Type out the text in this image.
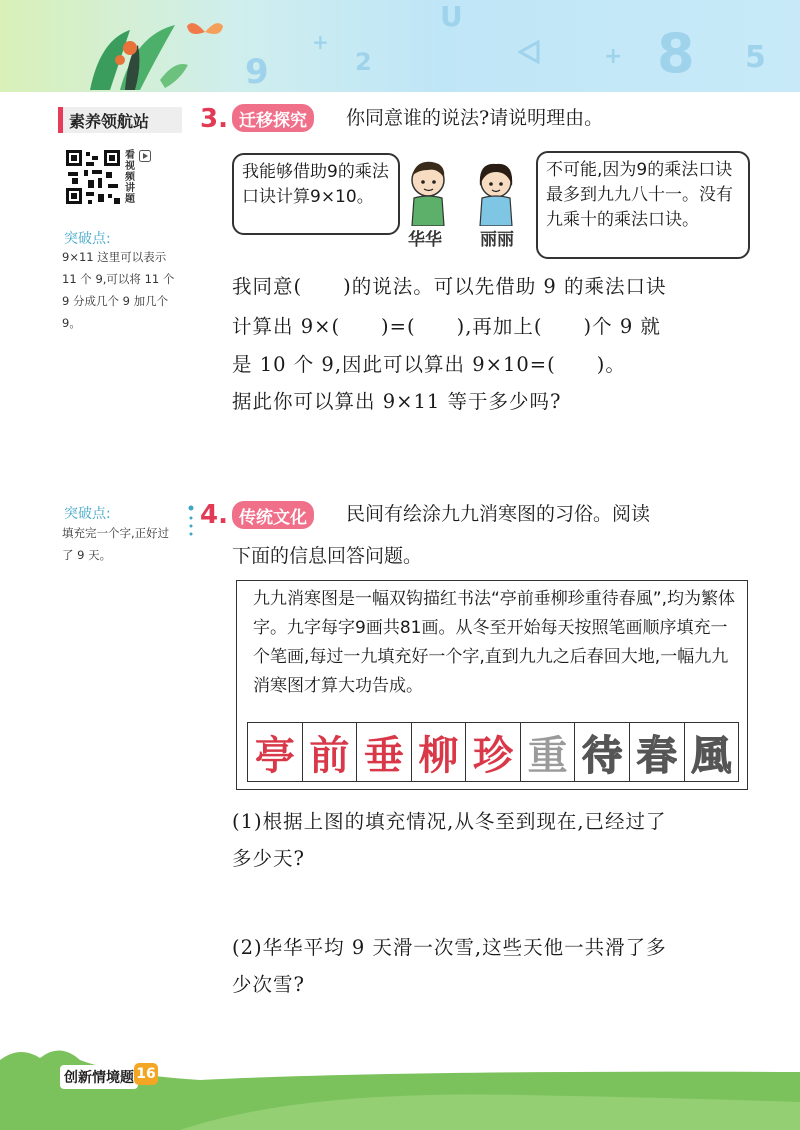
9	2
+	8 5
U
+
素养领航站
看视频讲题
突破点:
9×11 这里可以表示 11 个 9,可以将 11 个 9 分成几个 9 加几个 9。
突破点:
填充完一个字,正好过了 9 天。
3. 迁移探究	你同意谁的说法?请说明理由。
我能够借助9的乘法口诀计算9×10。
华华 丽丽
不可能,因为9的乘法口诀最多到九九八十一。没有九乘十的乘法口诀。
我同意(　　)的说法。可以先借助 9 的乘法口诀
计算出 9×(　　)=(　　),再加上(　　)个 9 就
是 10 个 9,因此可以算出 9×10=(　　)。
据此你可以算出 9×11 等于多少吗?
4. 传统文化	民间有绘涂九九消寒图的习俗。阅读
下面的信息回答问题。
九九消寒图是一幅双钩描红书法“亭前垂柳珍重待春風”,均为繁体字。九字每字9画共81画。从冬至开始每天按照笔画顺序填充一个笔画,每过一九填充好一个字,直到九九之后春回大地,一幅九九消寒图才算大功告成。
亭 前 垂 柳 珍 重 待 春 風
(1)根据上图的填充情况,从冬至到现在,已经过了
多少天?
(2)华华平均 9 天滑一次雪,这些天他一共滑了多
少次雪?
创新情境题 16
